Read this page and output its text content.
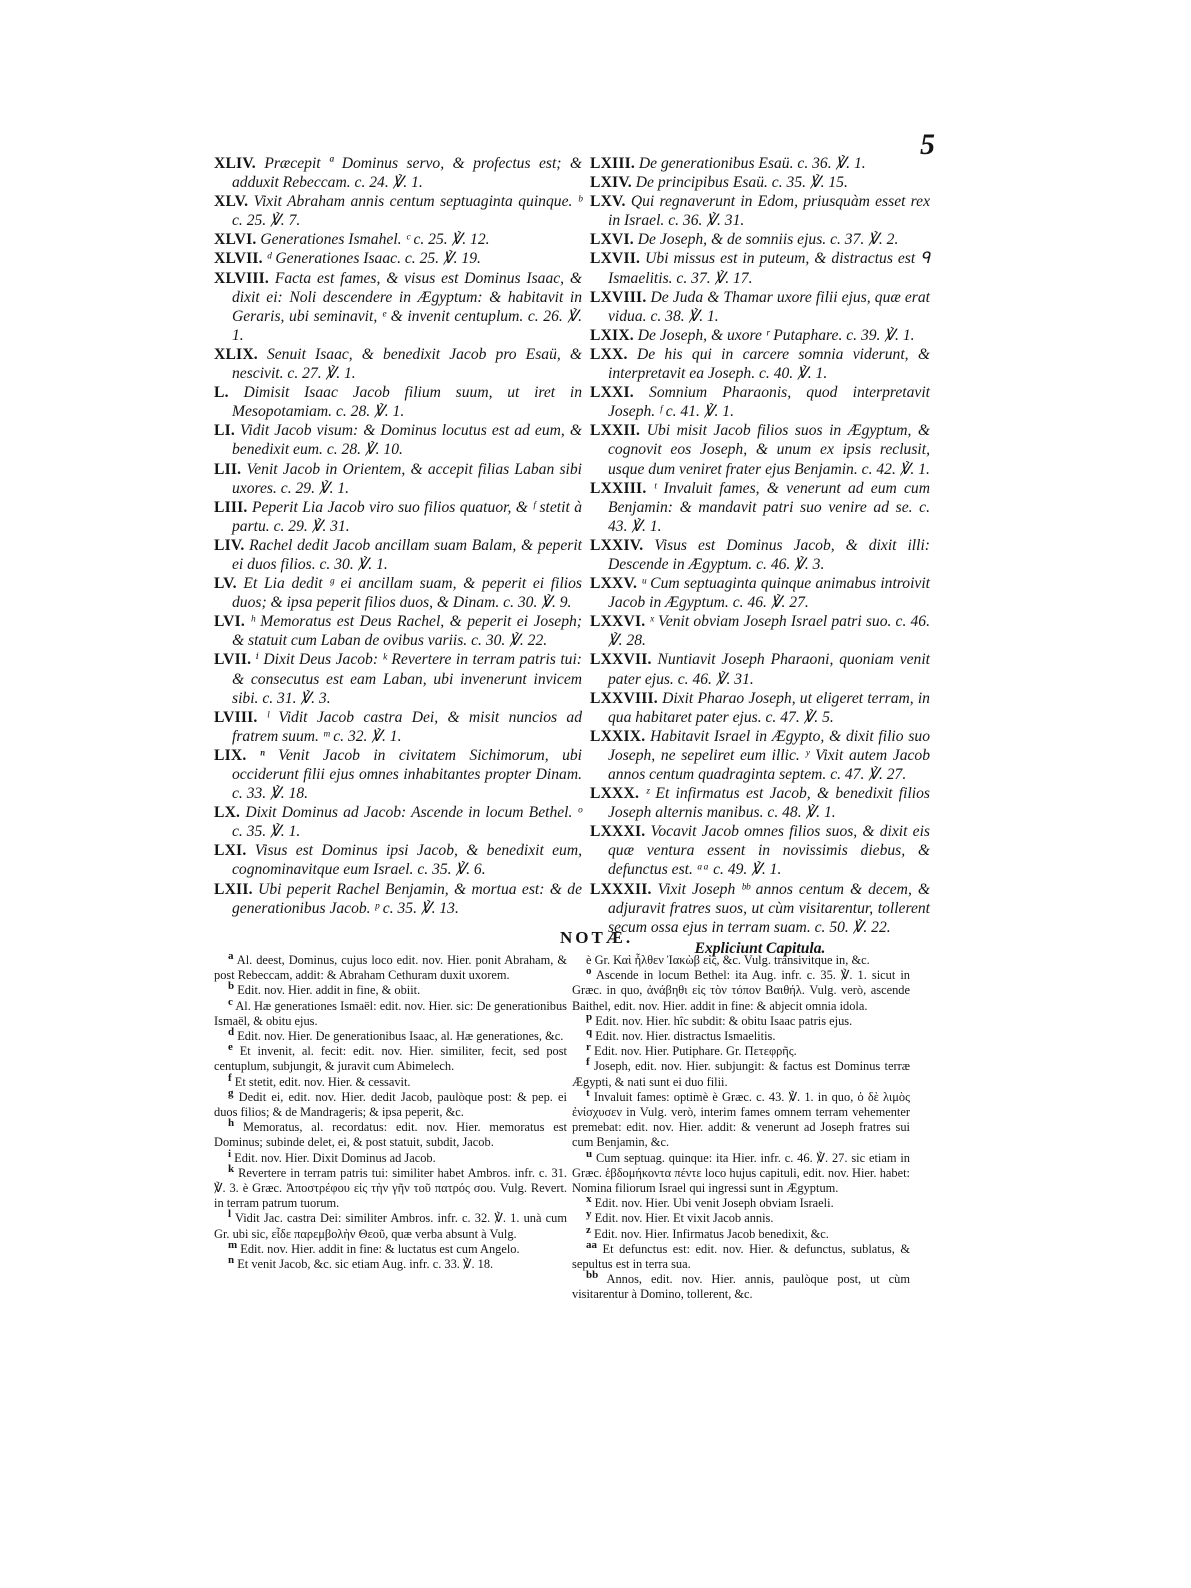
5

XLIV. Præcepit ª Dominus servo, & profectus est; & adduxit Rebeccam. c. 24. ℣. 1.

XLV. Vixit Abraham annis centum septuaginta quinque. ᵇ c. 25. ℣. 7.

XLVI. Generationes Ismahel. ᶜ c. 25. ℣. 12.

XLVII. ᵈ Generationes Isaac. c. 25. ℣. 19.

XLVIII. Facta est fames, & visus est Dominus Isaac, & dixit ei: Noli descendere in Ægyptum: & habitavit in Geraris, ubi seminavit, ᵉ & invenit centuplum. c. 26. ℣. 1.

XLIX. Senuit Isaac, & benedixit Jacob pro Esaü, & nescivit. c. 27. ℣. 1.

L. Dimisit Isaac Jacob filium suum, ut iret in Mesopotamiam. c. 28. ℣. 1.

LI. Vidit Jacob visum: & Dominus locutus est ad eum, & benedixit eum. c. 28. ℣. 10.

LII. Venit Jacob in Orientem, & accepit filias Laban sibi uxores. c. 29. ℣. 1.

LIII. Peperit Lia Jacob viro suo filios quatuor, & ᶠ stetit à partu. c. 29. ℣. 31.

LIV. Rachel dedit Jacob ancillam suam Balam, & peperit ei duos filios. c. 30. ℣. 1.

LV. Et Lia dedit ᵍ ei ancillam suam, & peperit ei filios duos; & ipsa peperit filios duos, & Dinam. c. 30. ℣. 9.

LVI. ʰ Memoratus est Deus Rachel, & peperit ei Joseph; & statuit cum Laban de ovibus variis. c. 30. ℣. 22.

LVII. ⁱ Dixit Deus Jacob: ᵏ Revertere in terram patris tui: & consecutus est eam Laban, ubi invenerunt invicem sibi. c. 31. ℣. 3.

LVIII. ˡ Vidit Jacob castra Dei, & misit nuncios ad fratrem suum. ᵐ c. 32. ℣. 1.

LIX. ⁿ Venit Jacob in civitatem Sichimorum, ubi occiderunt filii ejus omnes inhabitantes propter Dinam. c. 33. ℣. 18.

LX. Dixit Dominus ad Jacob: Ascende in locum Bethel. ᵒ c. 35. ℣. 1.

LXI. Visus est Dominus ipsi Jacob, & benedixit eum, cognominavitque eum Israel. c. 35. ℣. 6.

LXII. Ubi peperit Rachel Benjamin, & mortua est: & de generationibus Jacob. ᵖ c. 35. ℣. 13.

LXIII. De generationibus Esaü. c. 36. ℣. 1.

LXIV. De principibus Esaü. c. 35. ℣. 15.

LXV. Qui regnaverunt in Edom, priusquàm esset rex in Israel. c. 36. ℣. 31.

LXVI. De Joseph, & de somniis ejus. c. 37. ℣. 2.

LXVII. Ubi missus est in puteum, & distractus est ᑫ Ismaelitis. c. 37. ℣. 17.

LXVIII. De Juda & Thamar uxore filii ejus, quæ erat vidua. c. 38. ℣. 1.

LXIX. De Joseph, & uxore ʳ Putaphare. c. 39. ℣. 1.

LXX. De his qui in carcere somnia viderunt, & interpretavit ea Joseph. c. 40. ℣. 1.

LXXI. Somnium Pharaonis, quod interpretavit Joseph. ᶠ c. 41. ℣. 1.

LXXII. Ubi misit Jacob filios suos in Ægyptum, & cognovit eos Joseph, & unum ex ipsis reclusit, usque dum veniret frater ejus Benjamin. c. 42. ℣. 1.

LXXIII. ᵗ Invaluit fames, & venerunt ad eum cum Benjamin: & mandavit patri suo venire ad se. c. 43. ℣. 1.

LXXIV. Visus est Dominus Jacob, & dixit illi: Descende in Ægyptum. c. 46. ℣. 3.

LXXV. ᵘ Cum septuaginta quinque animabus introivit Jacob in Ægyptum. c. 46. ℣. 27.

LXXVI. ˣ Venit obviam Joseph Israel patri suo. c. 46. ℣. 28.

LXXVII. Nuntiavit Joseph Pharaoni, quoniam venit pater ejus. c. 46. ℣. 31.

LXXVIII. Dixit Pharao Joseph, ut eligeret terram, in qua habitaret pater ejus. c. 47. ℣. 5.

LXXIX. Habitavit Israel in Ægypto, & dixit filio suo Joseph, ne sepeliret eum illic. ʸ Vixit autem Jacob annos centum quadraginta septem. c. 47. ℣. 27.

LXXX. ᶻ Et infirmatus est Jacob, & benedixit filios Joseph alternis manibus. c. 48. ℣. 1.

LXXXI. Vocavit Jacob omnes filios suos, & dixit eis quæ ventura essent in novissimis diebus, & defunctus est. ᵃᵃ c. 49. ℣. 1.

LXXXII. Vixit Joseph ᵇᵇ annos centum & decem, & adjuravit fratres suos, ut cùm visitarentur, tollerent secum ossa ejus in terram suam. c. 50. ℣. 22.

Expliciunt Capitula.
NOTÆ.

a Al. deest, Dominus, cujus loco edit. nov. Hier. ponit Abraham, & post Rebeccam, addit: & Abraham Cethuram duxit uxorem.

b Edit. nov. Hier. addit in fine, & obiit.

c Al. Hæ generationes Ismaël: edit. nov. Hier. sic: De generationibus Ismaël, & obitu ejus.

d Edit. nov. Hier. De generationibus Isaac, al. Hæ generationes, &c.

e Et invenit, al. fecit: edit. nov. Hier. similiter, fecit, sed post centuplum, subjungit, & juravit cum Abimelech.

f Et stetit, edit. nov. Hier. & cessavit.

g Dedit ei, edit. nov. Hier. dedit Jacob, paulòque post: & pep. ei duos filios; & de Mandrageris; & ipsa peperit, &c.

h Memoratus, al. recordatus: edit. nov. Hier. memoratus est Dominus; subinde delet, ei, & post statuit, subdit, Jacob.

i Edit. nov. Hier. Dixit Dominus ad Jacob.

k Revertere in terram patris tui: similiter habet Ambros. infr. c. 31. ℣. 3. è Græc. Ἀποστρέφου εἰς τὴν γῆν τοῦ πατρός σου. Vulg. Revert. in terram patrum tuorum.

l Vidit Jac. castra Dei: similiter Ambros. infr. c. 32. ℣. 1. unà cum Gr. ubi sic, εἶδε παρεμβολὴν Θεοῦ, quæ verba absunt à Vulg.

m Edit. nov. Hier. addit in fine: & luctatus est cum Angelo.

n Et venit Jacob, &c. sic etiam Aug. infr. c. 33. ℣. 18.

è Gr. Καὶ ἦλθεν Ἰακὼβ εἰς, &c. Vulg. transivitque in, &c.

o Ascende in locum Bethel: ita Aug. infr. c. 35. ℣. 1. sicut in Græc. in quo, ἀνάβηθι εἰς τὸν τόπον Βαιθήλ. Vulg. verò, ascende Baithel, edit. nov. Hier. addit in fine: & abjecit omnia idola.

p Edit. nov. Hier. hîc subdit: & obitu Isaac patris ejus.

q Edit. nov. Hier. distractus Ismaelitis.

r Edit. nov. Hier. Putiphare. Gr. Πετεφρῆς.

f Joseph, edit. nov. Hier. subjungit: & factus est Dominus terræ Ægypti, & nati sunt ei duo filii.

t Invaluit fames: optimè è Græc. c. 43. ℣. 1. in quo, ὁ δὲ λιμὸς ἐνίσχυσεν in Vulg. verò, interim fames omnem terram vehementer premebat: edit. nov. Hier. addit: & venerunt ad Joseph fratres sui cum Benjamin, &c.

u Cum septuag. quinque: ita Hier. infr. c. 46. ℣. 27. sic etiam in Græc. ἑβδομήκοντα πέντε loco hujus capituli, edit. nov. Hier. habet: Nomina filiorum Israel qui ingressi sunt in Ægyptum.

x Edit. nov. Hier. Ubi venit Joseph obviam Israeli.

y Edit. nov. Hier. Et vixit Jacob annis.

z Edit. nov. Hier. Infirmatus Jacob benedixit, &c.

aa Et defunctus est: edit. nov. Hier. & defunctus, sublatus, & sepultus est in terra sua.

bb Annos, edit. nov. Hier. annis, paulòque post, ut cùm visitarentur à Domino, tollerent, &c.
